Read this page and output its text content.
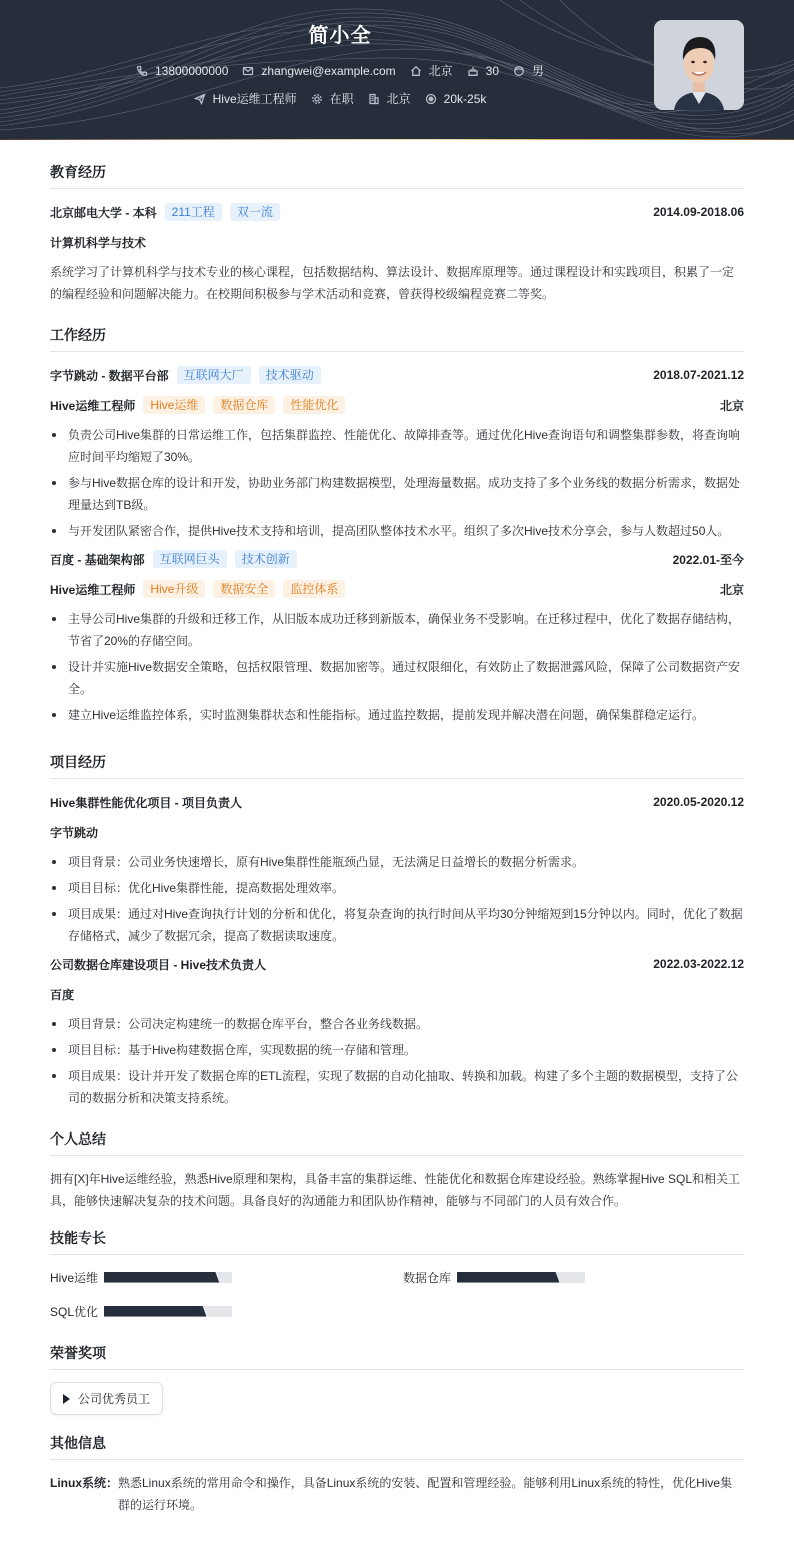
简小全
13800000000	zhangwei@example.com	北京	30	男
Hive运维工程师	在职	北京	20k-25k
教育经历
北京邮电大学 - 本科	211工程	双一流	2014.09-2018.06
计算机科学与技术
系统学习了计算机科学与技术专业的核心课程，包括数据结构、算法设计、数据库原理等。通过课程设计和实践项目，积累了一定的编程经验和问题解决能力。在校期间积极参与学术活动和竞赛，曾获得校级编程竞赛二等奖。
工作经历
字节跳动 - 数据平台部	互联网大厂	技术驱动	2018.07-2021.12
Hive运维工程师	Hive运维	数据仓库	性能优化	北京
负责公司Hive集群的日常运维工作，包括集群监控、性能优化、故障排查等。通过优化Hive查询语句和调整集群参数，将查询响应时间平均缩短了30%。
参与Hive数据仓库的设计和开发，协助业务部门构建数据模型，处理海量数据。成功支持了多个业务线的数据分析需求，数据处理量达到TB级。
与开发团队紧密合作，提供Hive技术支持和培训，提高团队整体技术水平。组织了多次Hive技术分享会，参与人数超过50人。
百度 - 基础架构部	互联网巨头	技术创新	2022.01-至今
Hive运维工程师	Hive升级	数据安全	监控体系	北京
主导公司Hive集群的升级和迁移工作，从旧版本成功迁移到新版本，确保业务不受影响。在迁移过程中，优化了数据存储结构，节省了20%的存储空间。
设计并实施Hive数据安全策略，包括权限管理、数据加密等。通过权限细化，有效防止了数据泄露风险，保障了公司数据资产安全。
建立Hive运维监控体系，实时监测集群状态和性能指标。通过监控数据，提前发现并解决潜在问题，确保集群稳定运行。
项目经历
Hive集群性能优化项目 - 项目负责人	2020.05-2020.12
字节跳动
项目背景：公司业务快速增长，原有Hive集群性能瓶颈凸显，无法满足日益增长的数据分析需求。
项目目标：优化Hive集群性能，提高数据处理效率。
项目成果：通过对Hive查询执行计划的分析和优化，将复杂查询的执行时间从平均30分钟缩短到15分钟以内。同时，优化了数据存储格式，减少了数据冗余，提高了数据读取速度。
公司数据仓库建设项目 - Hive技术负责人	2022.03-2022.12
百度
项目背景：公司决定构建统一的数据仓库平台，整合各业务线数据。
项目目标：基于Hive构建数据仓库，实现数据的统一存储和管理。
项目成果：设计并开发了数据仓库的ETL流程，实现了数据的自动化抽取、转换和加载。构建了多个主题的数据模型，支持了公司的数据分析和决策支持系统。
个人总结
拥有[X]年Hive运维经验，熟悉Hive原理和架构，具备丰富的集群运维、性能优化和数据仓库建设经验。熟练掌握Hive SQL和相关工具，能够快速解决复杂的技术问题。具备良好的沟通能力和团队协作精神，能够与不同部门的人员有效合作。
技能专长
Hive运维	数据仓库
SQL优化
荣誉奖项
公司优秀员工
其他信息
Linux系统： 熟悉Linux系统的常用命令和操作，具备Linux系统的安装、配置和管理经验。能够利用Linux系统的特性，优化Hive集群的运行环境。
